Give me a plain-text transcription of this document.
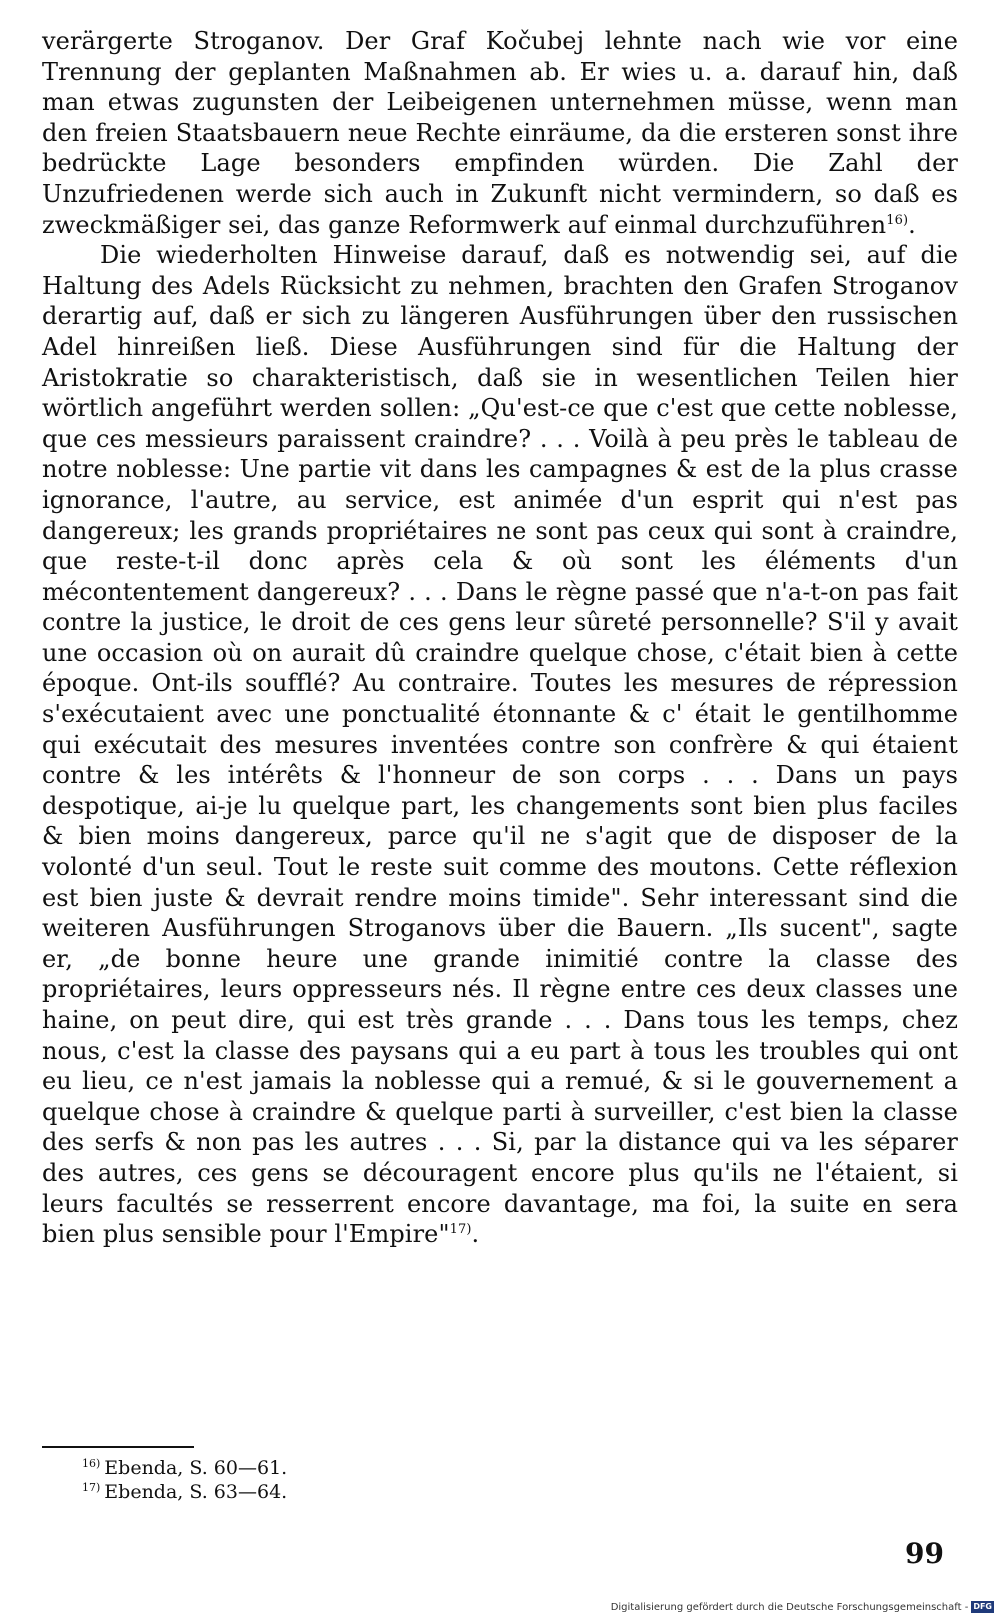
verärgerte Stroganov. Der Graf Kočubej lehnte nach wie vor eine Trennung der geplanten Maßnahmen ab. Er wies u. a. darauf hin, daß man etwas zugunsten der Leibeigenen unternehmen müsse, wenn man den freien Staatsbauern neue Rechte einräume, da die ersteren sonst ihre bedrückte Lage besonders empfinden würden. Die Zahl der Unzufriedenen werde sich auch in Zukunft nicht vermindern, so daß es zweckmäßiger sei, das ganze Reformwerk auf einmal durchzuführen$^{16)}$.

Die wiederholten Hinweise darauf, daß es notwendig sei, auf die Haltung des Adels Rücksicht zu nehmen, brachten den Grafen Stroganov derartig auf, daß er sich zu längeren Ausführungen über den russischen Adel hinreißen ließ. Diese Ausführungen sind für die Haltung der Aristokratie so charakteristisch, daß sie in wesentlichen Teilen hier wörtlich angeführt werden sollen: „Qu'est-ce que c'est que cette noblesse, que ces messieurs paraissent craindre? . . . Voilà à peu près le tableau de notre noblesse: Une partie vit dans les campagnes & est de la plus crasse ignorance, l'autre, au service, est animée d'un esprit qui n'est pas dangereux; les grands propriétaires ne sont pas ceux qui sont à craindre, que reste-t-il donc après cela & où sont les éléments d'un mécontentement dangereux? . . . Dans le règne passé que n'a-t-on pas fait contre la justice, le droit de ces gens leur sûreté personnelle? S'il y avait une occasion où on aurait dû craindre quelque chose, c'était bien à cette époque. Ont-ils soufflé? Au contraire. Toutes les mesures de répression s'exécutaient avec une ponctualité étonnante & c' était le gentilhomme qui exécutait des mesures inventées contre son confrère & qui étaient contre & les intérêts & l'honneur de son corps . . . Dans un pays despotique, ai-je lu quelque part, les changements sont bien plus faciles & bien moins dangereux, parce qu'il ne s'agit que de disposer de la volonté d'un seul. Tout le reste suit comme des moutons. Cette réflexion est bien juste & devrait rendre moins timide". Sehr interessant sind die weiteren Ausführungen Stroganovs über die Bauern. „Ils sucent", sagte er, „de bonne heure une grande inimitié contre la classe des propriétaires, leurs oppresseurs nés. Il règne entre ces deux classes une haine, on peut dire, qui est très grande . . . Dans tous les temps, chez nous, c'est la classe des paysans qui a eu part à tous les troubles qui ont eu lieu, ce n'est jamais la noblesse qui a remué, & si le gouvernement a quelque chose à craindre & quelque parti à surveiller, c'est bien la classe des serfs & non pas les autres . . . Si, par la distance qui va les séparer des autres, ces gens se découragent encore plus qu'ils ne l'étaient, si leurs facultés se resserrent encore davantage, ma foi, la suite en sera bien plus sensible pour l'Empire"$^{17)}$.

$^{16)}$ Ebenda, S. 60—61.
$^{17)}$ Ebenda, S. 63—64.
99
Digitalisierung gefördert durch die Deutsche Forschungsgemeinschaft - DFG
